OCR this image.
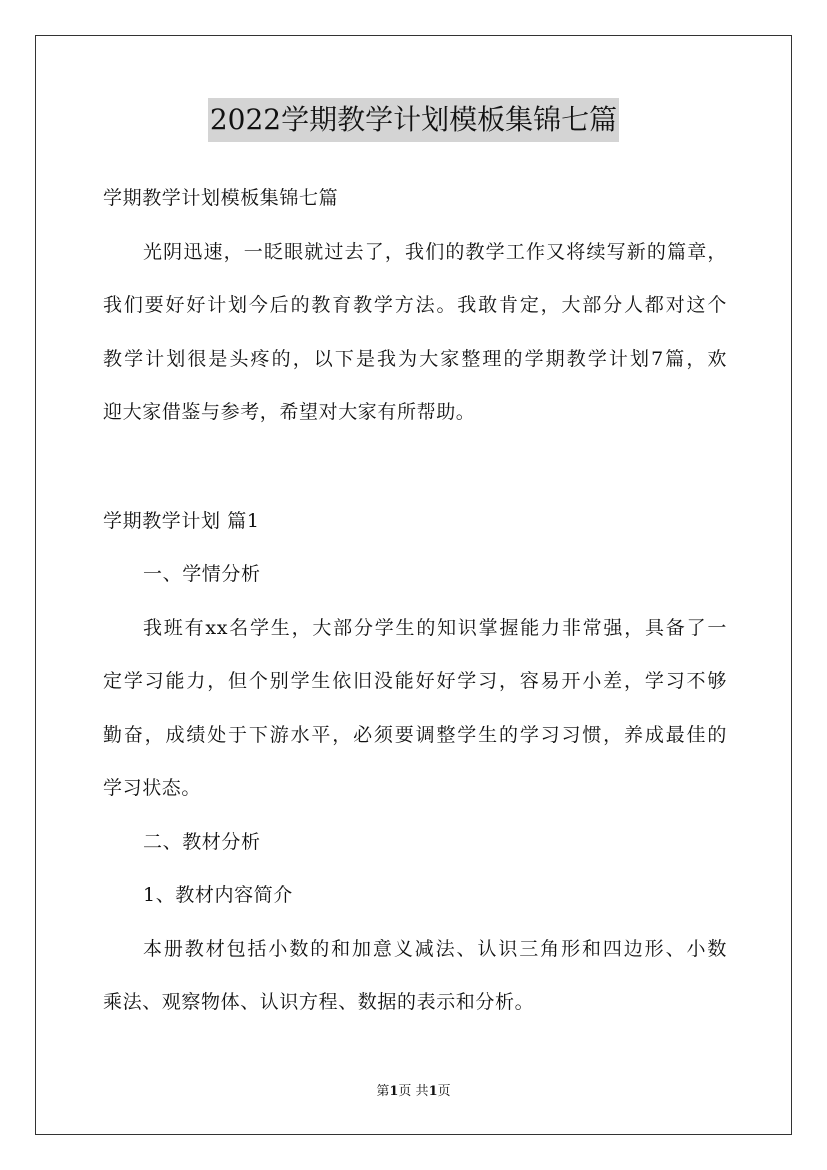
2022学期教学计划模板集锦七篇
学期教学计划模板集锦七篇
光阴迅速，一眨眼就过去了，我们的教学工作又将续写新的篇章，
我们要好好计划今后的教育教学方法。我敢肯定，大部分人都对这个
教学计划很是头疼的，以下是我为大家整理的学期教学计划7篇，欢
迎大家借鉴与参考，希望对大家有所帮助。
学期教学计划 篇1
一、学情分析
我班有xx名学生，大部分学生的知识掌握能力非常强，具备了一
定学习能力，但个别学生依旧没能好好学习，容易开小差，学习不够
勤奋，成绩处于下游水平，必须要调整学生的学习习惯，养成最佳的
学习状态。
二、教材分析
1、教材内容简介
本册教材包括小数的和加意义减法、认识三角形和四边形、小数
乘法、观察物体、认识方程、数据的表示和分析。
第1页 共1页
